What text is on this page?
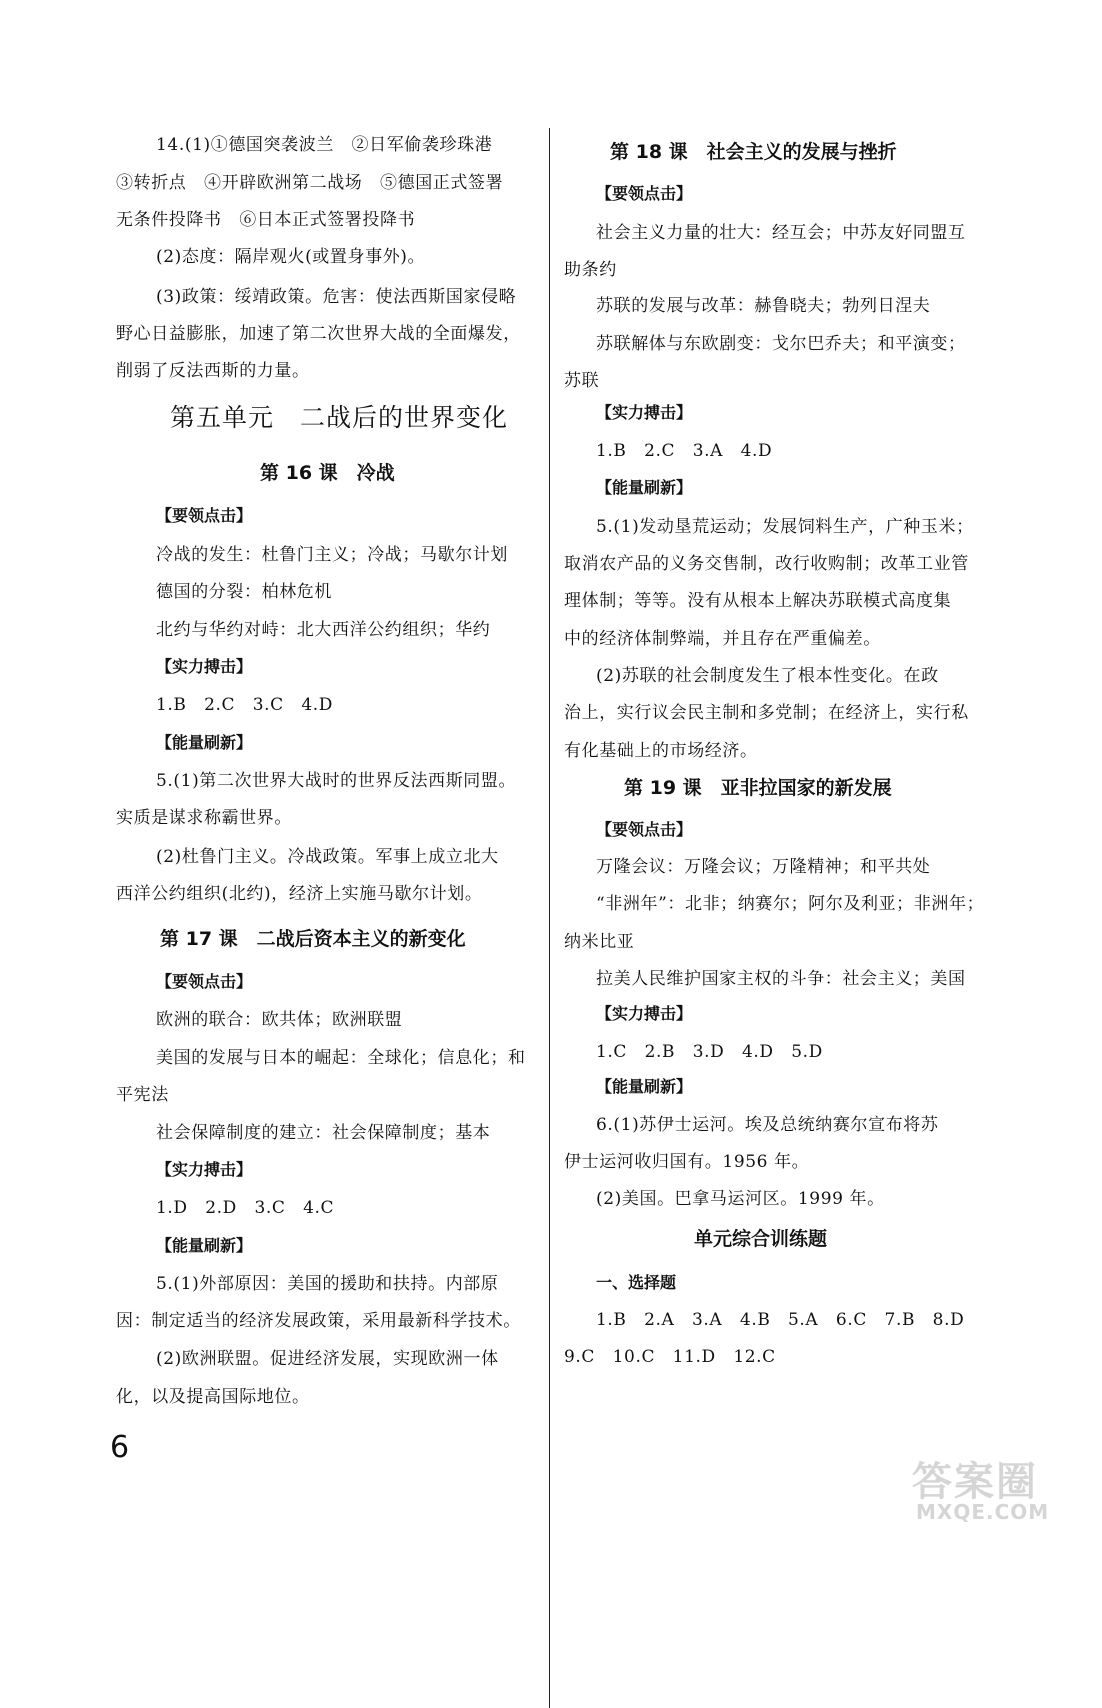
14.(1)①德国突袭波兰　②日军偷袭珍珠港
③转折点　④开辟欧洲第二战场　⑤德国正式签署
无条件投降书　⑥日本正式签署投降书
(2)态度：隔岸观火(或置身事外)。
(3)政策：绥靖政策。危害：使法西斯国家侵略
野心日益膨胀，加速了第二次世界大战的全面爆发，
削弱了反法西斯的力量。
第五单元　二战后的世界变化
第 16 课　冷战
【要领点击】
冷战的发生：杜鲁门主义；冷战；马歇尔计划
德国的分裂：柏林危机
北约与华约对峙：北大西洋公约组织；华约
【实力搏击】
1.B　2.C　3.C　4.D
【能量刷新】
5.(1)第二次世界大战时的世界反法西斯同盟。
实质是谋求称霸世界。
(2)杜鲁门主义。冷战政策。军事上成立北大
西洋公约组织(北约)，经济上实施马歇尔计划。
第 17 课　二战后资本主义的新变化
【要领点击】
欧洲的联合：欧共体；欧洲联盟
美国的发展与日本的崛起：全球化；信息化；和
平宪法
社会保障制度的建立：社会保障制度；基本
【实力搏击】
1.D　2.D　3.C　4.C
【能量刷新】
5.(1)外部原因：美国的援助和扶持。内部原
因：制定适当的经济发展政策，采用最新科学技术。
(2)欧洲联盟。促进经济发展，实现欧洲一体
化，以及提高国际地位。
第 18 课　社会主义的发展与挫折
【要领点击】
社会主义力量的壮大：经互会；中苏友好同盟互
助条约
苏联的发展与改革：赫鲁晓夫；勃列日涅夫
苏联解体与东欧剧变：戈尔巴乔夫；和平演变；
苏联
【实力搏击】
1.B　2.C　3.A　4.D
【能量刷新】
5.(1)发动垦荒运动；发展饲料生产，广种玉米；
取消农产品的义务交售制，改行收购制；改革工业管
理体制；等等。没有从根本上解决苏联模式高度集
中的经济体制弊端，并且存在严重偏差。
(2)苏联的社会制度发生了根本性变化。在政
治上，实行议会民主制和多党制；在经济上，实行私
有化基础上的市场经济。
第 19 课　亚非拉国家的新发展
【要领点击】
万隆会议：万隆会议；万隆精神；和平共处
“非洲年”：北非；纳赛尔；阿尔及利亚；非洲年；
纳米比亚
拉美人民维护国家主权的斗争：社会主义；美国
【实力搏击】
1.C　2.B　3.D　4.D　5.D
【能量刷新】
6.(1)苏伊士运河。埃及总统纳赛尔宣布将苏
伊士运河收归国有。1956 年。
(2)美国。巴拿马运河区。1999 年。
单元综合训练题
一、选择题
1.B　2.A　3.A　4.B　5.A　6.C　7.B　8.D
9.C　10.C　11.D　12.C
6
答案圈
MXQE.COM
